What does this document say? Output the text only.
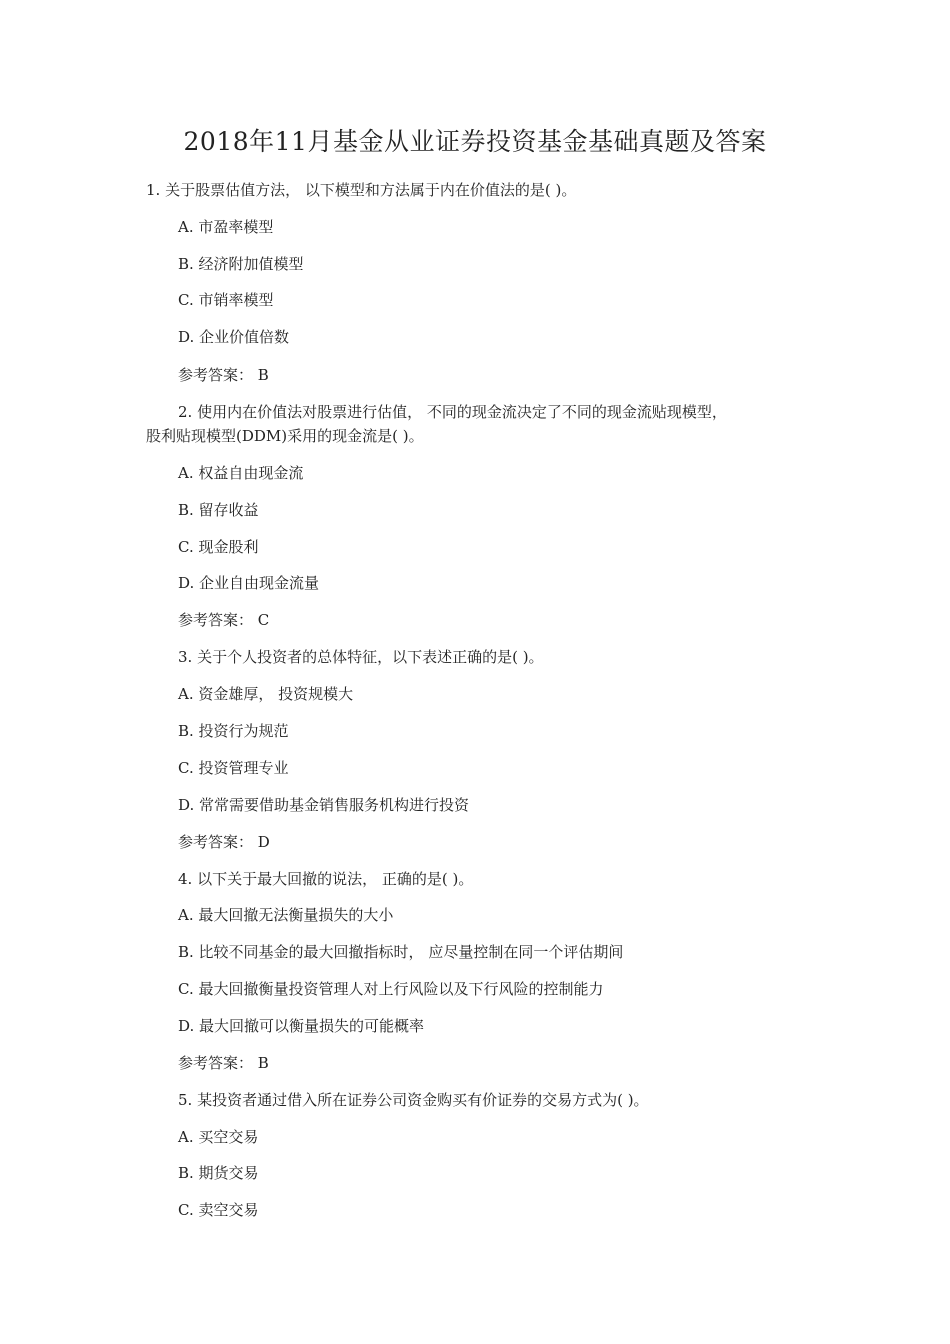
2018年11月基金从业证券投资基金基础真题及答案
1. 关于股票估值方法， 以下模型和方法属于内在价值法的是( )。
A. 市盈率模型
B. 经济附加值模型
C. 市销率模型
D. 企业价值倍数
参考答案： B
2. 使用内在价值法对股票进行估值， 不同的现金流决定了不同的现金流贴现模型，
股利贴现模型(DDM)采用的现金流是( )。
A. 权益自由现金流
B. 留存收益
C. 现金股利
D. 企业自由现金流量
参考答案： C
3. 关于个人投资者的总体特征，以下表述正确的是( )。
A. 资金雄厚， 投资规模大
B. 投资行为规范
C. 投资管理专业
D. 常常需要借助基金销售服务机构进行投资
参考答案： D
4. 以下关于最大回撤的说法， 正确的是( )。
A. 最大回撤无法衡量损失的大小
B. 比较不同基金的最大回撤指标时， 应尽量控制在同一个评估期间
C. 最大回撤衡量投资管理人对上行风险以及下行风险的控制能力
D. 最大回撤可以衡量损失的可能概率
参考答案： B
5. 某投资者通过借入所在证券公司资金购买有价证券的交易方式为( )。
A. 买空交易
B. 期货交易
C. 卖空交易
